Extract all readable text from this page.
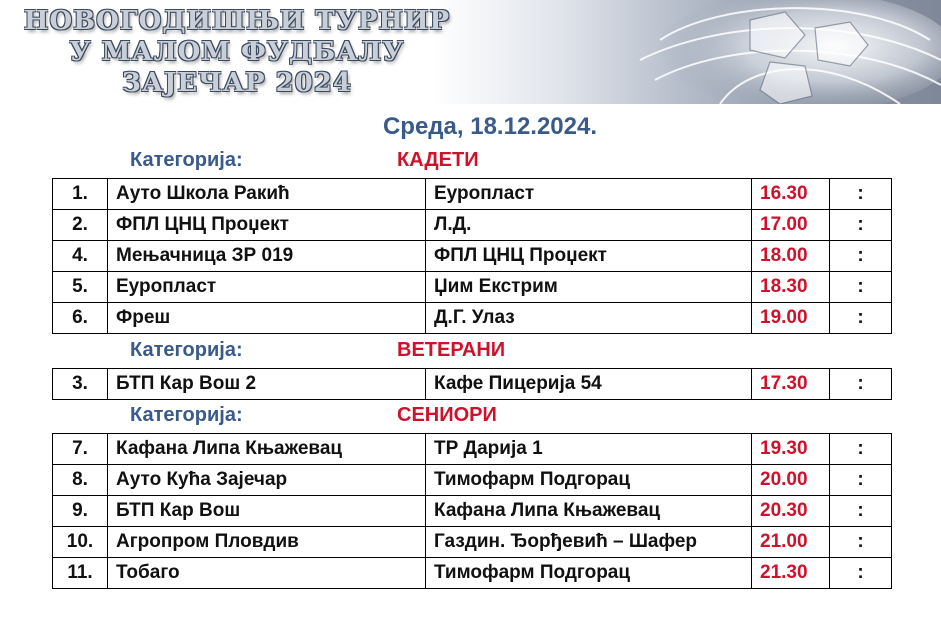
НОВОГОДИШЊИ ТУРНИР
У МАЛОМ ФУДБАЛУ
ЗАЈЕЧАР 2024
Среда, 18.12.2024.
Категорија:	КАДЕТИ
1.	Ауто Школа Ракић	Еуропласт	16.30	:
2.	ФПЛ ЦНЦ Проџект	Л.Д.	17.00	:
4.	Мењачница ЗР 019	ФПЛ ЦНЦ Проџект	18.00	:
5.	Еуропласт	Џим Екстрим	18.30	:
6.	Фреш	Д.Г. Улаз	19.00	:
Категорија:	ВЕТЕРАНИ
3.	БТП Кар Вош 2	Кафе Пицерија 54	17.30	:
Категорија:	СЕНИОРИ
7.	Кафана Липа Књажевац	ТР Дарија 1	19.30	:
8.	Ауто Кућа Зајечар	Тимофарм Подгорац	20.00	:
9.	БТП Кар Вош	Кафана Липа Књажевац	20.30	:
10.	Агропром Пловдив	Газдин. Ђорђевић – Шафер	21.00	:
11.	Тобаго	Тимофарм Подгорац	21.30	:
